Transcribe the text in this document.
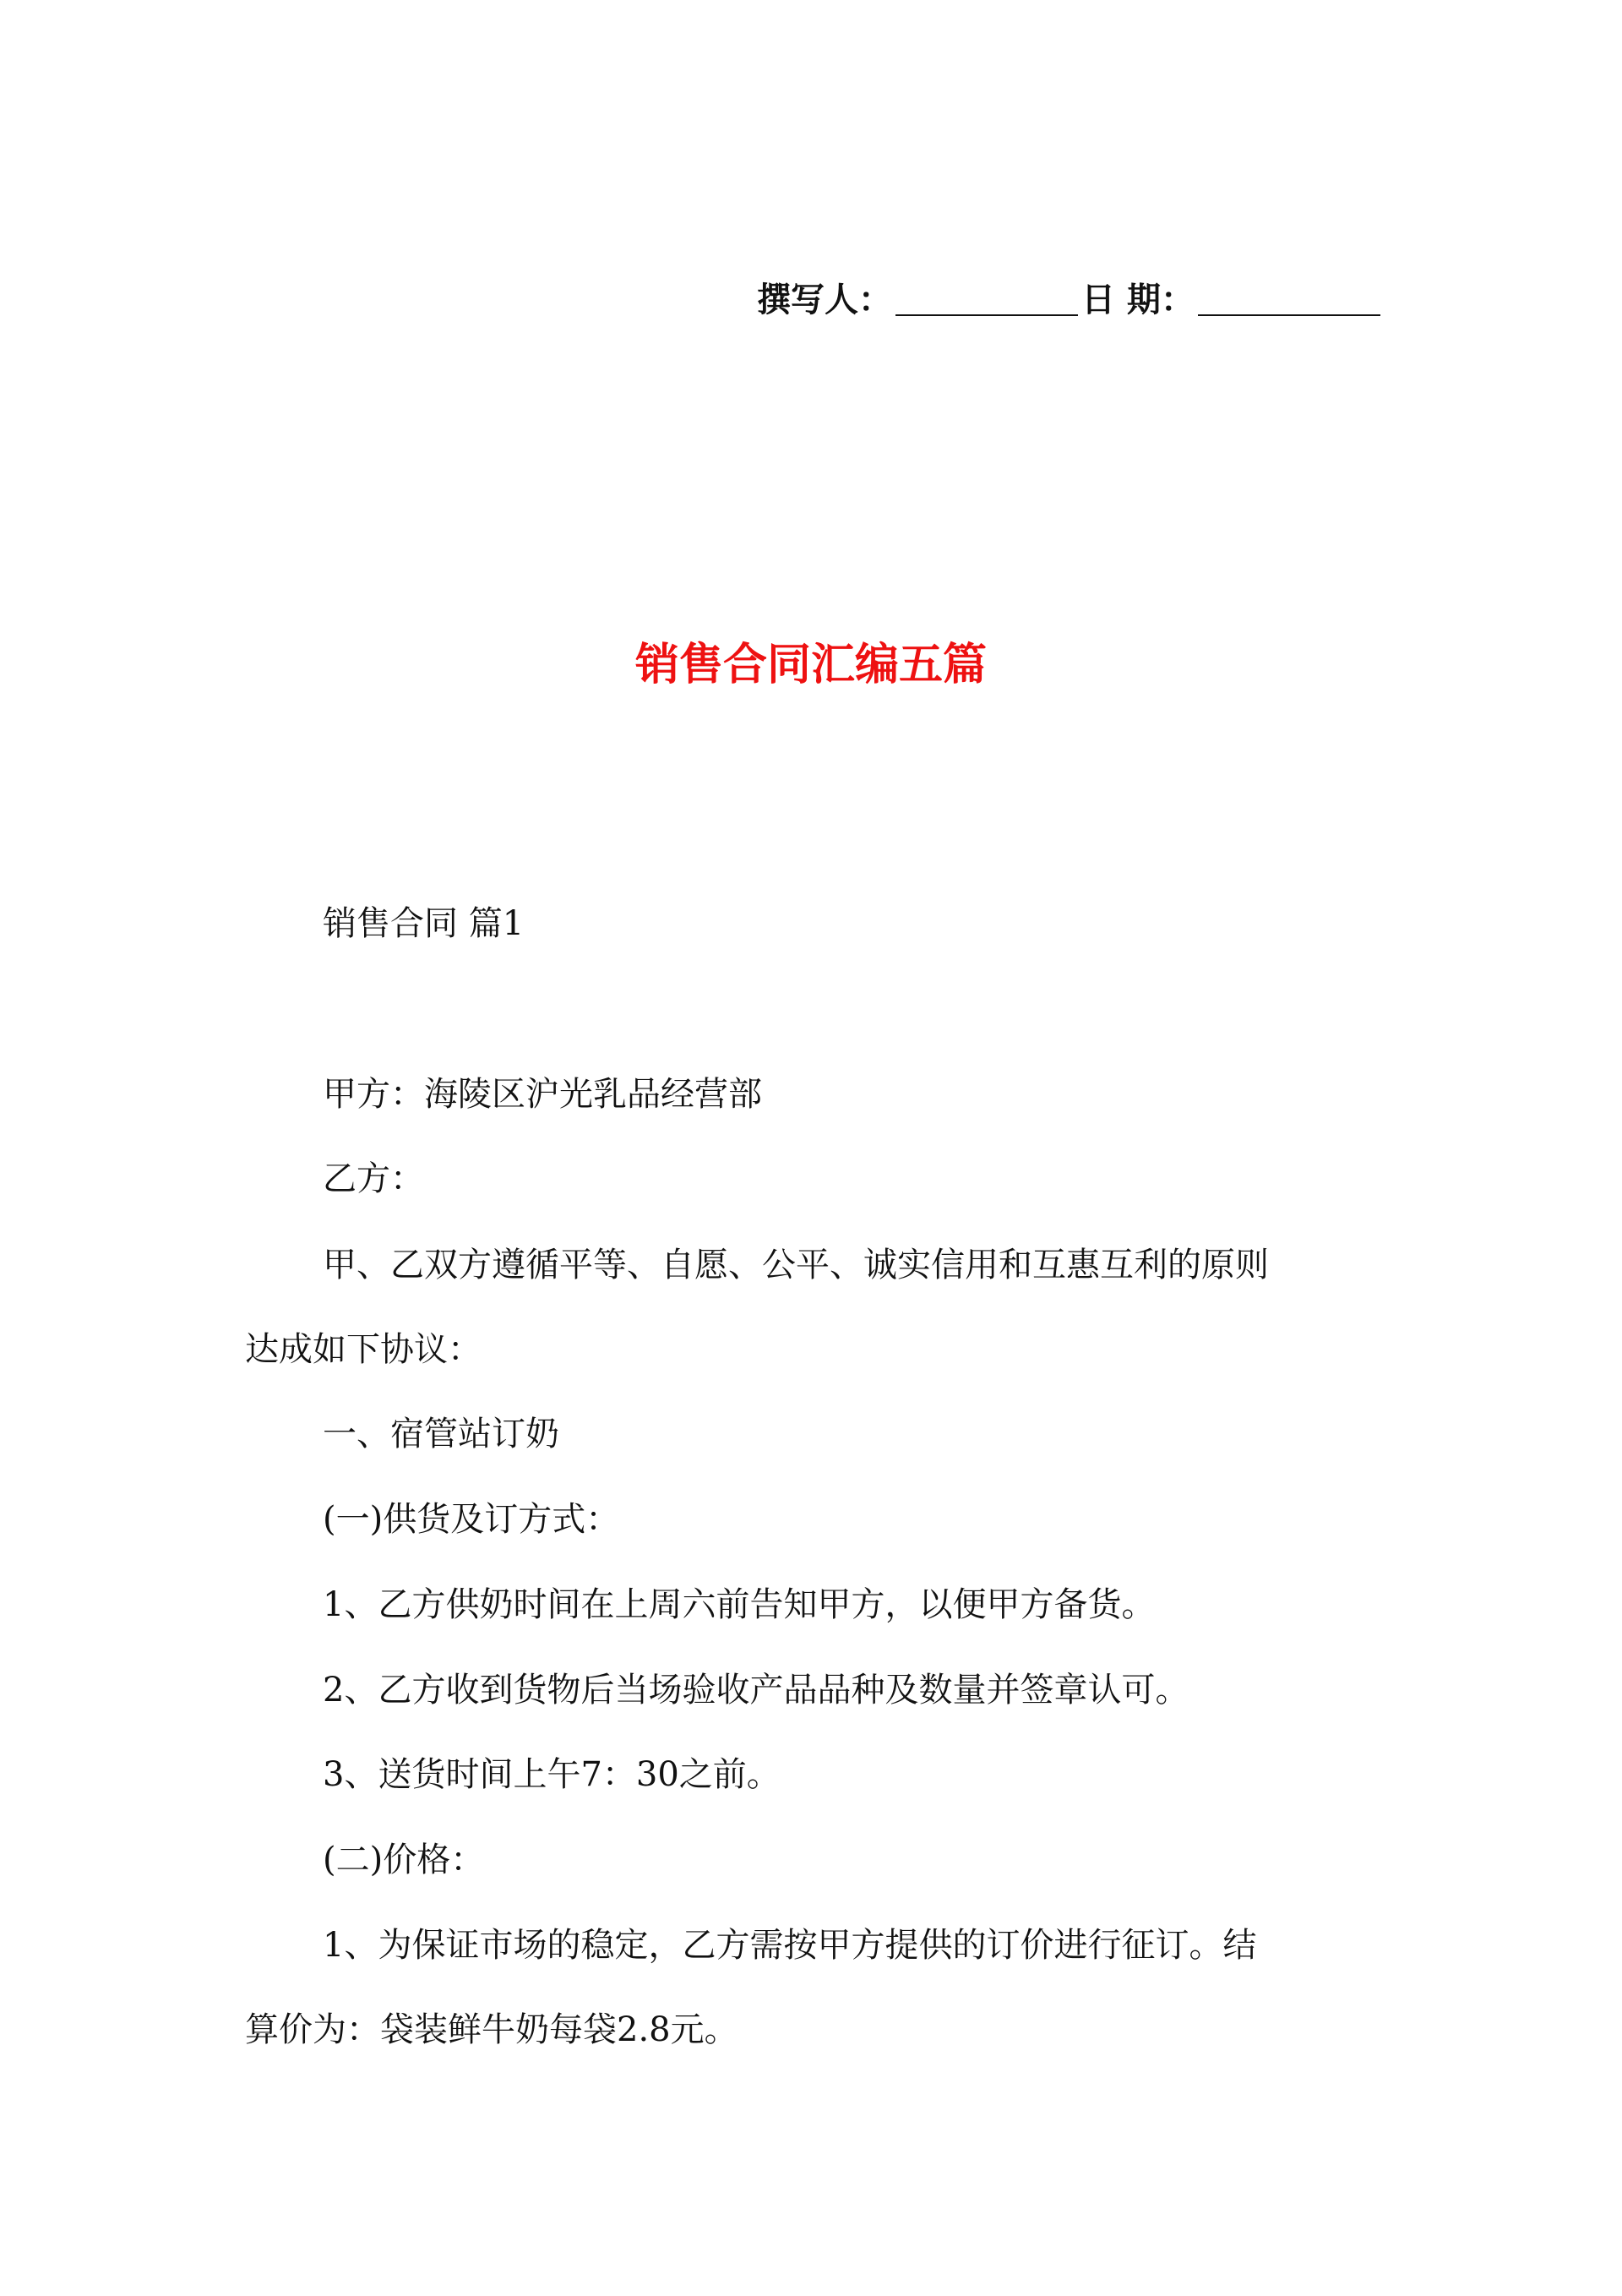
撰写人：	日 期：
销售合同汇编五篇
销售合同 篇1
甲方：海陵区沪光乳品经营部
乙方：
甲、乙双方遵循平等、自愿、公平、诚实信用和互惠互利的原则
达成如下协议：
一、宿管站订奶
(一)供货及订方式：
1、乙方供奶时间在上周六前告知甲方，以便甲方备货。
2、乙方收到货物后当场验收产品品种及数量并签章认可。
3、送货时间上午7：30之前。
(二)价格：
1、为保证市场的稳定，乙方需按甲方提供的订价进行征订。结
算价为：袋装鲜牛奶每袋2.8元。
